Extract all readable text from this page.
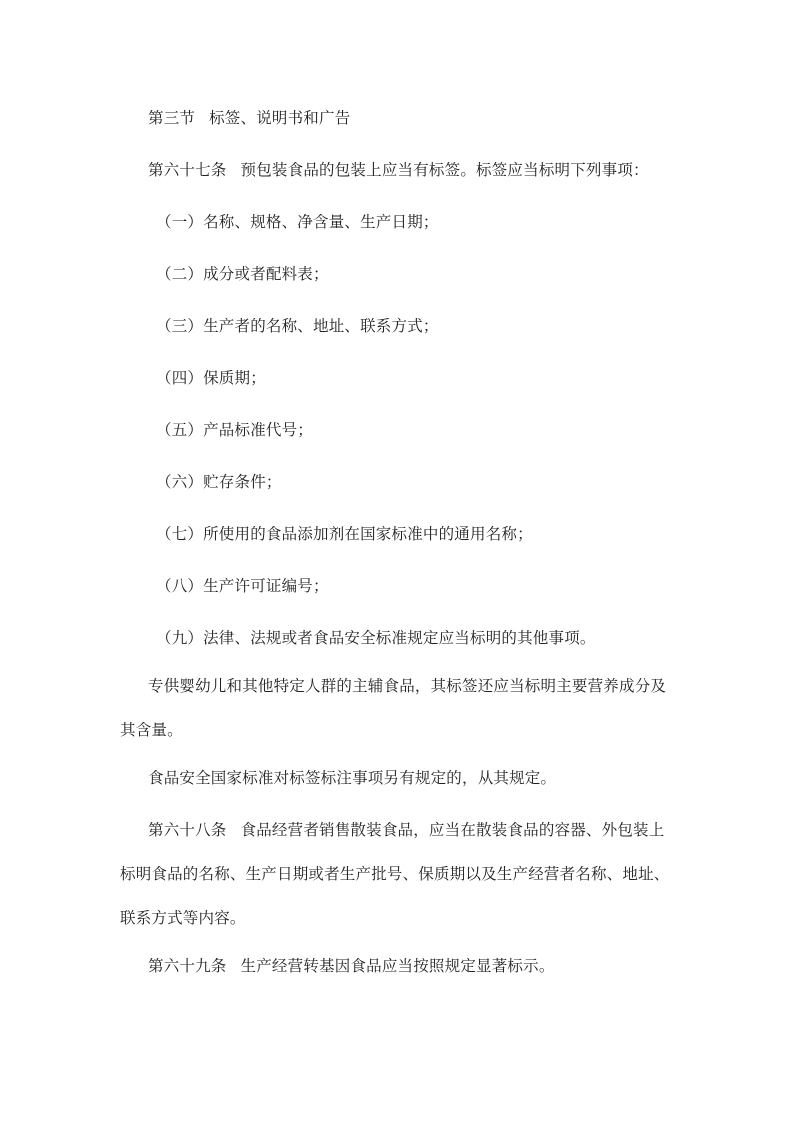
第三节 标签、说明书和广告
第六十七条 预包装食品的包装上应当有标签。标签应当标明下列事项：
（一）名称、规格、净含量、生产日期；
（二）成分或者配料表；
（三）生产者的名称、地址、联系方式；
（四）保质期；
（五）产品标准代号；
（六）贮存条件；
（七）所使用的食品添加剂在国家标准中的通用名称；
（八）生产许可证编号；
（九）法律、法规或者食品安全标准规定应当标明的其他事项。
专供婴幼儿和其他特定人群的主辅食品，其标签还应当标明主要营养成分及其含量。
食品安全国家标准对标签标注事项另有规定的，从其规定。
第六十八条 食品经营者销售散装食品，应当在散装食品的容器、外包装上标明食品的名称、生产日期或者生产批号、保质期以及生产经营者名称、地址、联系方式等内容。
第六十九条 生产经营转基因食品应当按照规定显著标示。
